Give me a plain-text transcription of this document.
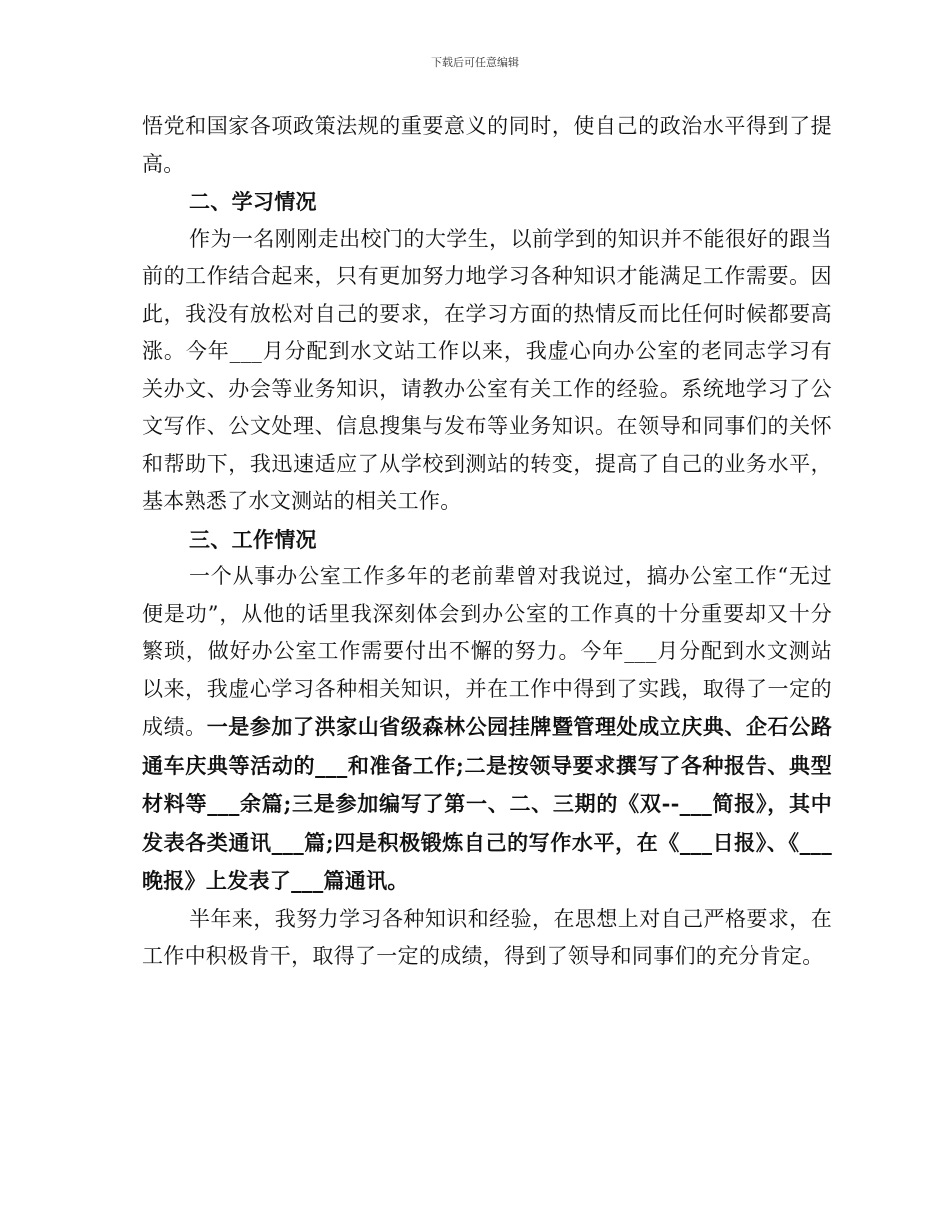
下载后可任意编辑

悟党和国家各项政策法规的重要意义的同时，使自己的政治水平得到了提高。

二、学习情况

作为一名刚刚走出校门的大学生，以前学到的知识并不能很好的跟当前的工作结合起来，只有更加努力地学习各种知识才能满足工作需要。因此，我没有放松对自己的要求，在学习方面的热情反而比任何时候都要高涨。今年___月分配到水文站工作以来，我虚心向办公室的老同志学习有关办文、办会等业务知识，请教办公室有关工作的经验。系统地学习了公文写作、公文处理、信息搜集与发布等业务知识。在领导和同事们的关怀和帮助下，我迅速适应了从学校到测站的转变，提高了自己的业务水平，基本熟悉了水文测站的相关工作。

三、工作情况

一个从事办公室工作多年的老前辈曾对我说过，搞办公室工作“无过便是功”，从他的话里我深刻体会到办公室的工作真的十分重要却又十分繁琐，做好办公室工作需要付出不懈的努力。今年___月分配到水文测站以来，我虚心学习各种相关知识，并在工作中得到了实践，取得了一定的成绩。一是参加了洪家山省级森林公园挂牌暨管理处成立庆典、企石公路通车庆典等活动的___和准备工作;二是按领导要求撰写了各种报告、典型材料等___余篇;三是参加编写了第一、二、三期的《双--___简报》，其中发表各类通讯___篇;四是积极锻炼自己的写作水平，在《___日报》、《___晚报》上发表了___篇通讯。

半年来，我努力学习各种知识和经验，在思想上对自己严格要求，在工作中积极肯干，取得了一定的成绩，得到了领导和同事们的充分肯定。
